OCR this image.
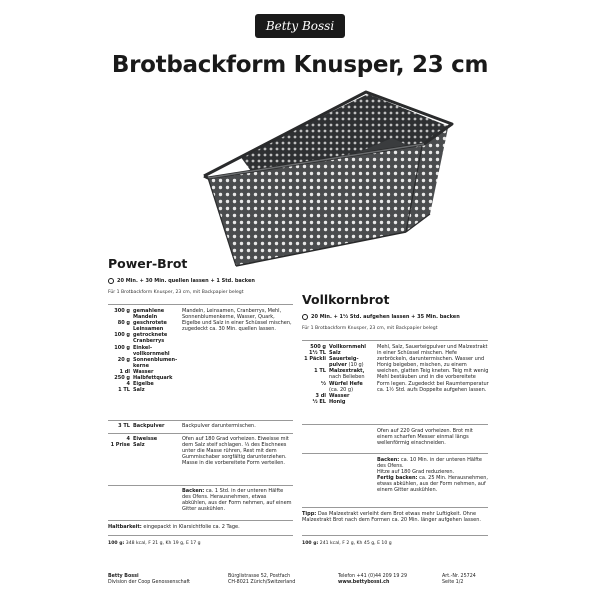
Betty Bossi
Brotbackform Knusper, 23 cm
Power-Brot
20 Min. + 30 Min. quellen lassen + 1 Std. backen
Für 1 Brotbackform Knusper, 23 cm, mit Backpapier belegt
300 g gemahlene Mandeln
80 g geschrotete Leinsamen
100 g getrocknete Cranberrys
100 g Einkel-vollkornmehl
20 g Sonnenblumen-kerne
1 dl Wasser
250 g Halbfettquark
4 Eigelbe
1 TL Salz
Mandeln, Leinsamen, Cranberrys, Mehl, Sonnenblumenkerne, Wasser, Quark, Eigelbe und Salz in einer Schüssel mischen, zugedeckt ca. 30 Min. quellen lassen.
3 TL Backpulver	Backpulver daruntermischen.
4 Eiweisse
1 Prise Salz
Ofen auf 180 Grad vorheizen. Eiweisse mit dem Salz steif schlagen. ⅓ des Eischnees unter die Masse rühren, Rest mit dem Gummischaber sorgfältig darunterziehen. Masse in die vorbereitete Form verteilen.
Backen: ca. 1 Std. in der unteren Hälfte des Ofens. Herausnehmen, etwas abkühlen, aus der Form nehmen, auf einem Gitter auskühlen.
Haltbarkeit: eingepackt in Klarsichtfolie ca. 2 Tage.
100 g: 348 kcal, F 21 g, Kh 19 g, E 17 g
Vollkornbrot
20 Min. + 1½ Std. aufgehen lassen + 35 Min. backen
Für 1 Brotbackform Knusper, 23 cm, mit Backpapier belegt
500 g Vollkornmehl
1½ TL Salz
1 Päckli Sauerteig-pulver (10 g)
1 TL Malzextrakt, nach Belieben
½ Würfel Hefe (ca. 20 g)
3 dl Wasser
½ EL Honig
Mehl, Salz, Sauerteigpulver und Malzextrakt in einer Schüssel mischen. Hefe zerbröckeln, daruntermischen. Wasser und Honig beigeben, mischen, zu einem weichen, glatten Teig kneten. Teig mit wenig Mehl bestäuben und in die vorbereitete Form legen. Zugedeckt bei Raumtemperatur ca. 1½ Std. aufs Doppelte aufgehen lassen.
Ofen auf 220 Grad vorheizen. Brot mit einem scharfen Messer einmal längs wellenförmig einschneiden.
Backen: ca. 10 Min. in der unteren Hälfte des Ofens.
Hitze auf 180 Grad reduzieren.
Fertig backen: ca. 25 Min. Herausnehmen, etwas abkühlen, aus der Form nehmen, auf einem Gitter auskühlen.
Tipp: Das Malzextrakt verleiht dem Brot etwas mehr Luftigkeit. Ohne Malzextrakt Brot nach dem Formen ca. 20 Min. länger aufgehen lassen.
100 g: 241 kcal, F 2 g, Kh 45 g, E 10 g
Betty Bossi
Division der Coop Genossenschaft
Bürglistrasse 52, Postfach
CH-8021 Zürich/Switzerland
Telefon +41 (0)44 209 19 29
www.bettybossi.ch
Art.-Nr. 25724
Seite 1/2
